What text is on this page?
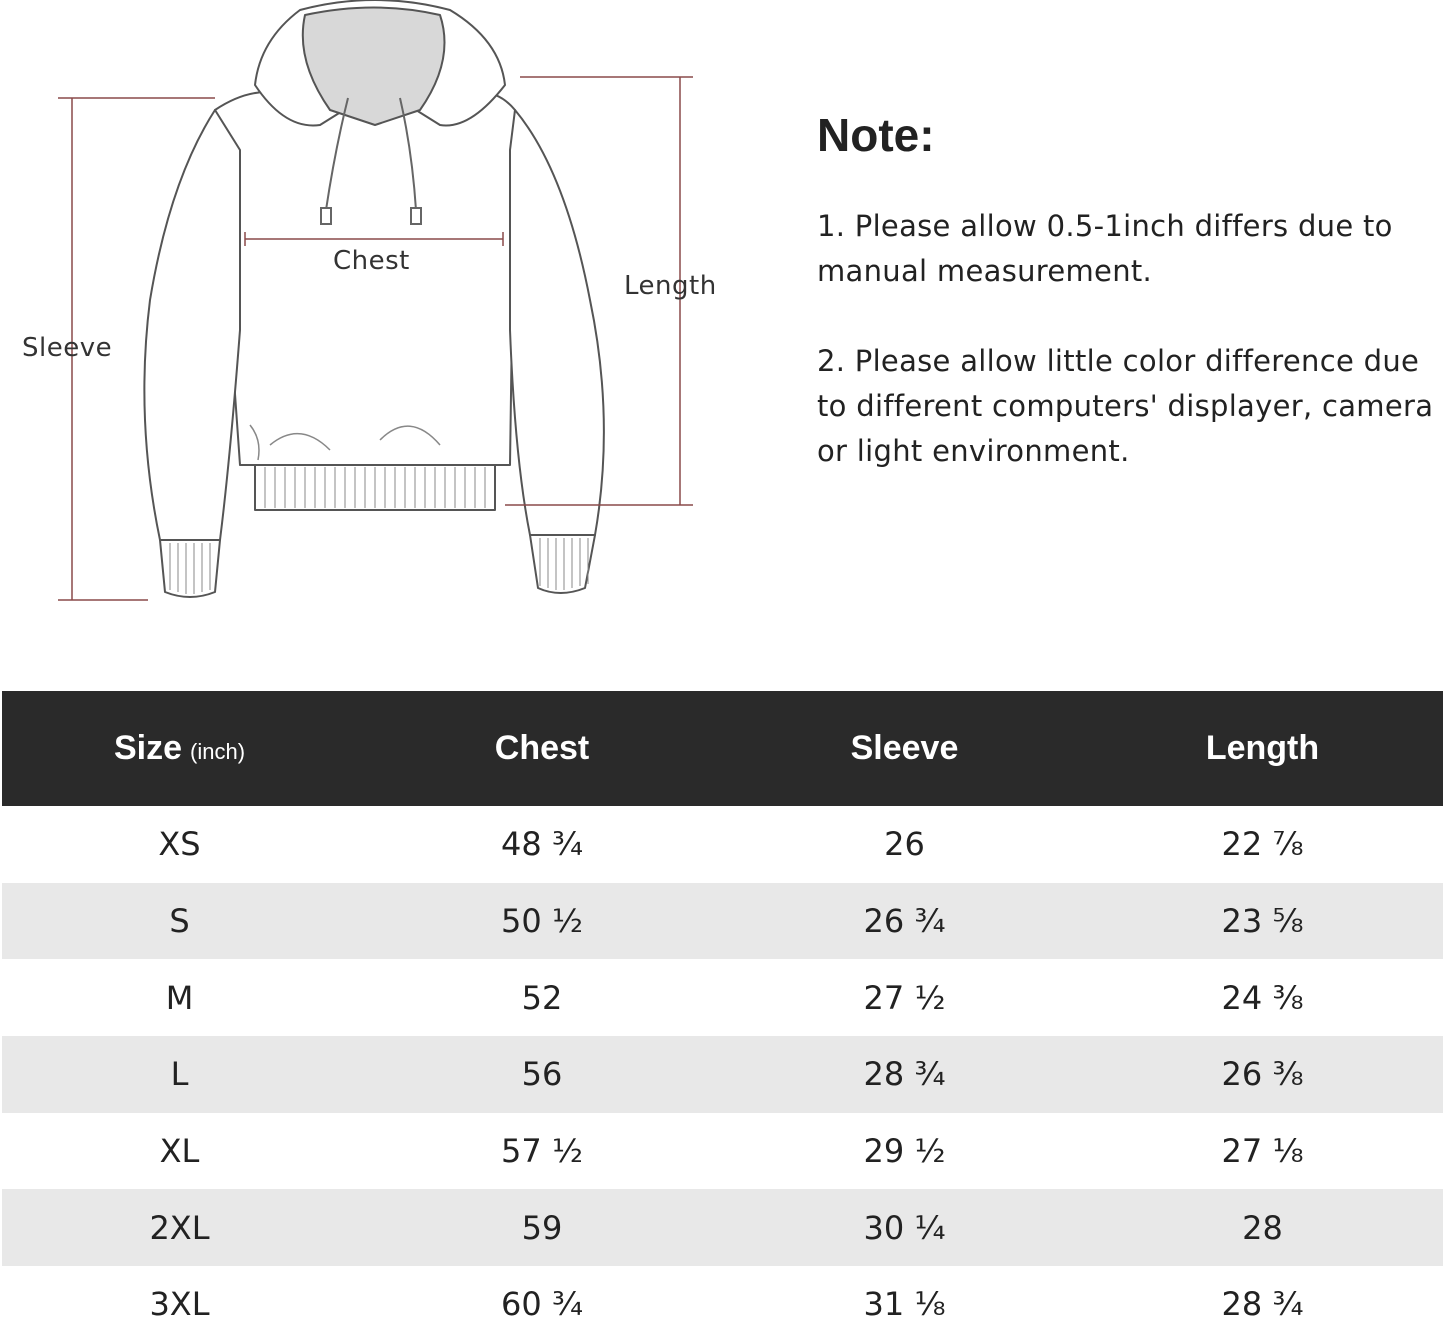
Chest
Length
Sleeve
Note:
1. Please allow 0.5-1inch differs due to manual measurement.
2. Please allow little color difference due to different computers' displayer, camera or light environment.
Size (inch)	Chest	Sleeve	Length
XS	48 ¾	26	22 ⅞
S	50 ½	26 ¾	23 ⅝
M	52	27 ½	24 ⅜
L	56	28 ¾	26 ⅜
XL	57 ½	29 ½	27 ⅛
2XL	59	30 ¼	28
3XL	60 ¾	31 ⅛	28 ¾
